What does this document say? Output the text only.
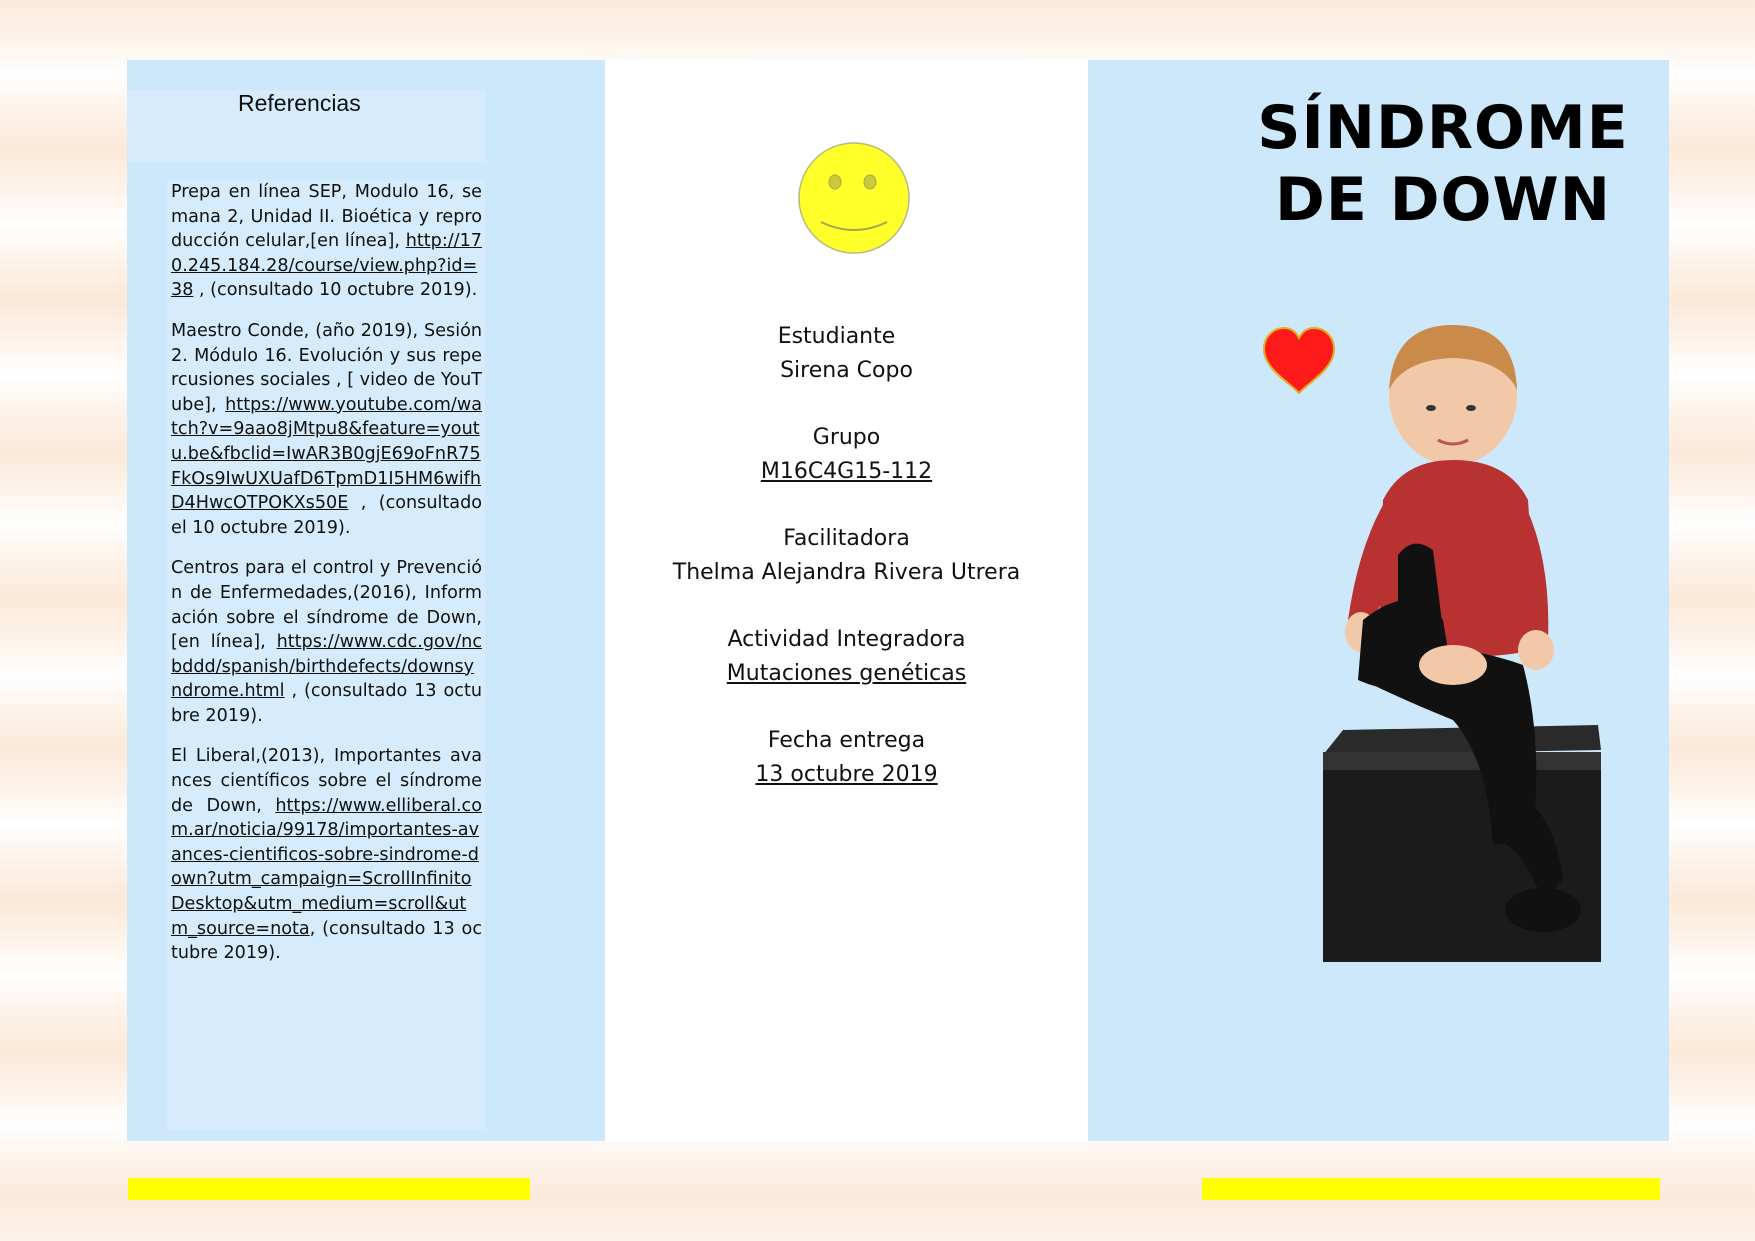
Referencias

Prepa en línea SEP, Modulo 16, semana 2, Unidad II. Bioética y reproducción celular,[en línea], http://170.245.184.28/course/view.php?id=38 , (consultado 10 octubre 2019).

Maestro Conde, (año 2019), Sesión 2. Módulo 16. Evolución y sus repercusiones sociales , [ video de YouTube], https://www.youtube.com/watch?v=9aao8jMtpu8&feature=youtu.be&fbclid=IwAR3B0gjE69oFnR75FkOs9IwUXUafD6TpmD1I5HM6wifhD4HwcOTPOKXs50E , (consultado el 10 octubre 2019).

Centros para el control y Prevención de Enfermedades,(2016), Información sobre el síndrome de Down, [en línea], https://www.cdc.gov/ncbddd/spanish/birthdefects/downsyndrome.html , (consultado 13 octubre 2019).

El Liberal,(2013), Importantes avances científicos sobre el síndrome de Down, https://www.elliberal.com.ar/noticia/99178/importantes-avances-cientificos-sobre-sindrome-down?utm_campaign=ScrollInfinitoDesktop&utm_medium=scroll&utm_source=nota, (consultado 13 octubre 2019).

Estudiante
Sirena Copo
Grupo
M16C4G15-112
Facilitadora
Thelma Alejandra Rivera Utrera
Actividad Integradora
Mutaciones genéticas
Fecha entrega
13 octubre 2019
SÍNDROME
DE DOWN
